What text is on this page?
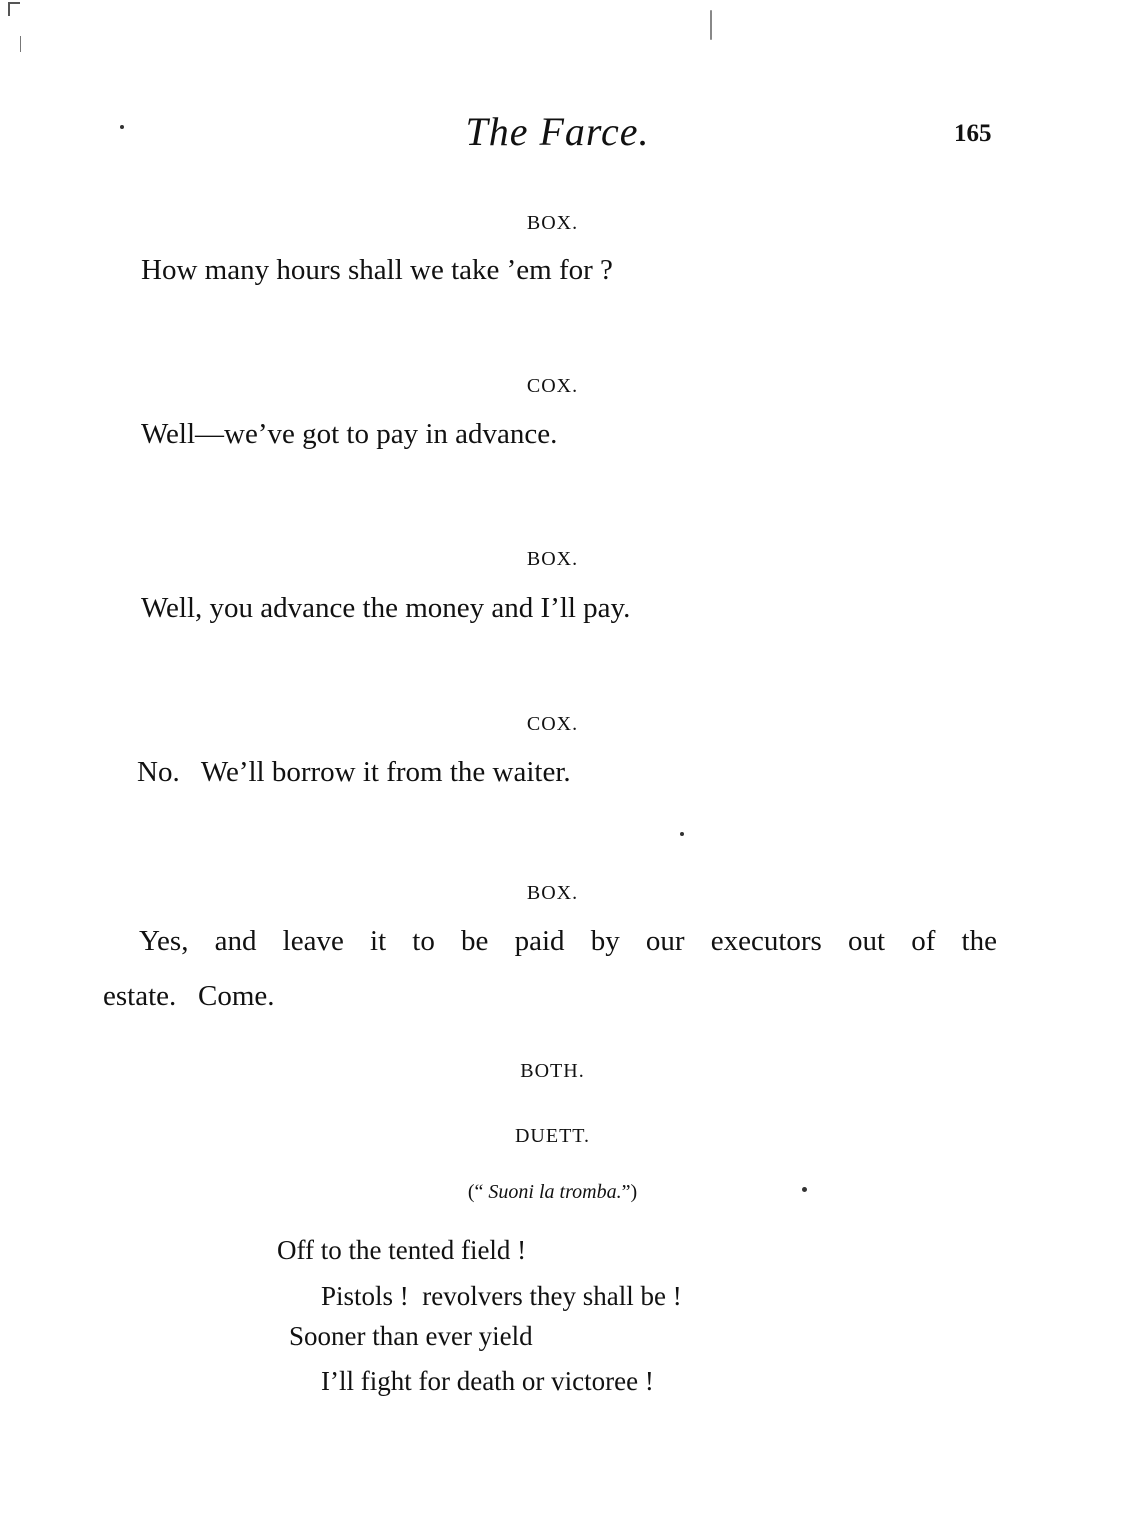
The Farce.	165
BOX.
How many hours shall we take ’em for ?
COX.
Well—we’ve got to pay in advance.
BOX.
Well, you advance the money and I’ll pay.
COX.
No.   We’ll borrow it from the waiter.
BOX.
Yes, and leave it to be paid by our executors out of the
estate.   Come.
BOTH.
DUETT.
(“ Suoni la tromba.”)
Off to the tented field !
Pistols !  revolvers they shall be !
Sooner than ever yield
I’ll fight for death or victoree !
